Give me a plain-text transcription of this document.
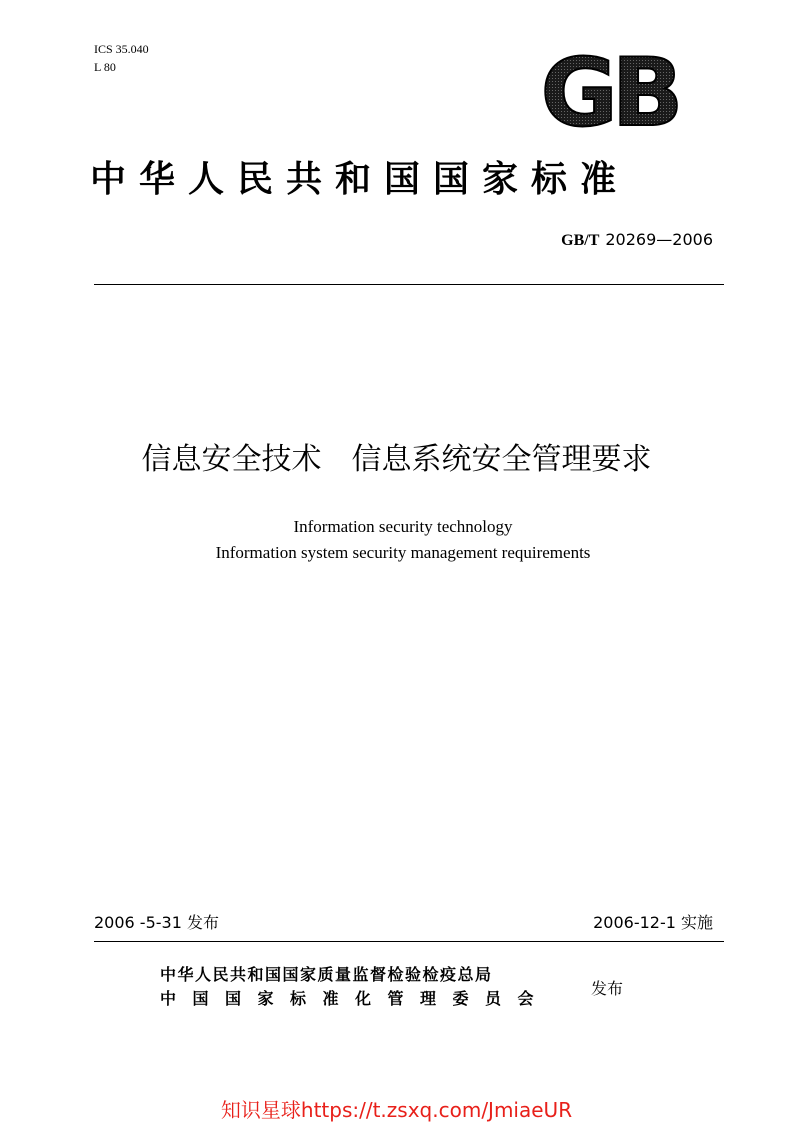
ICS 35.040
L 80	GB
中华人民共和国国家标准
GB/T 20269—2006
信息安全技术　信息系统安全管理要求
Information security technology
Information system security management requirements
2006 -5-31 发布	2006-12-1 实施
中华人民共和国国家质量监督检验检疫总局
中国国家标准化管理委员会
发布
知识星球https://t.zsxq.com/JmiaeUR
